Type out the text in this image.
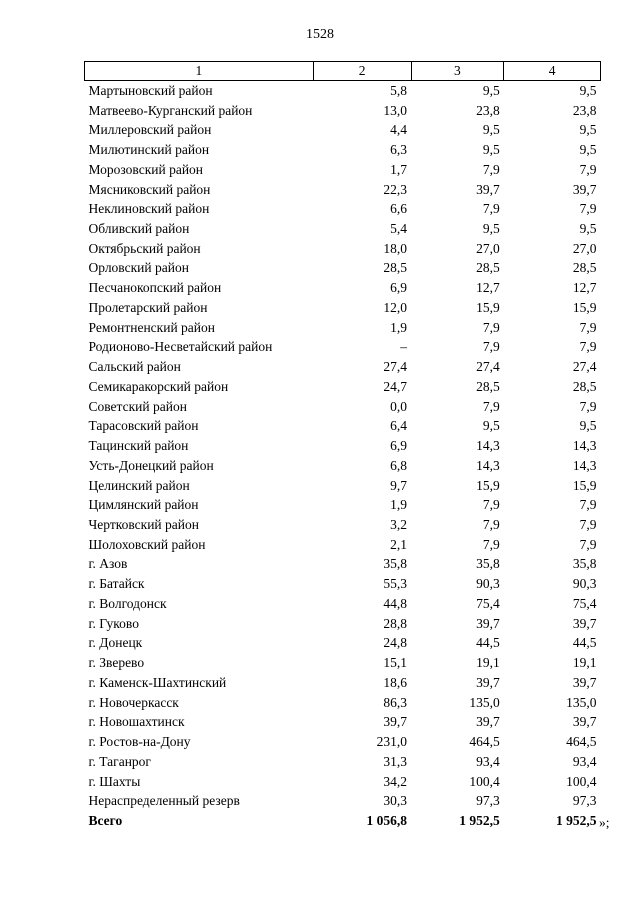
1528
1	2	3	4
Мартыновский район	5,8	9,5	9,5
Матвеево-Курганский район	13,0	23,8	23,8
Миллеровский район	4,4	9,5	9,5
Милютинский район	6,3	9,5	9,5
Морозовский район	1,7	7,9	7,9
Мясниковский район	22,3	39,7	39,7
Неклиновский район	6,6	7,9	7,9
Обливский район	5,4	9,5	9,5
Октябрьский район	18,0	27,0	27,0
Орловский район	28,5	28,5	28,5
Песчанокопский район	6,9	12,7	12,7
Пролетарский район	12,0	15,9	15,9
Ремонтненский район	1,9	7,9	7,9
Родионово-Несветайский район	–	7,9	7,9
Сальский район	27,4	27,4	27,4
Семикаракорский район	24,7	28,5	28,5
Советский район	0,0	7,9	7,9
Тарасовский район	6,4	9,5	9,5
Тацинский район	6,9	14,3	14,3
Усть-Донецкий район	6,8	14,3	14,3
Целинский район	9,7	15,9	15,9
Цимлянский район	1,9	7,9	7,9
Чертковский район	3,2	7,9	7,9
Шолоховский район	2,1	7,9	7,9
г. Азов	35,8	35,8	35,8
г. Батайск	55,3	90,3	90,3
г. Волгодонск	44,8	75,4	75,4
г. Гуково	28,8	39,7	39,7
г. Донецк	24,8	44,5	44,5
г. Зверево	15,1	19,1	19,1
г. Каменск-Шахтинский	18,6	39,7	39,7
г. Новочеркасск	86,3	135,0	135,0
г. Новошахтинск	39,7	39,7	39,7
г. Ростов-на-Дону	231,0	464,5	464,5
г. Таганрог	31,3	93,4	93,4
г. Шахты	34,2	100,4	100,4
Нераспределенный резерв	30,3	97,3	97,3
Всего	1 056,8	1 952,5	1 952,5 »;
